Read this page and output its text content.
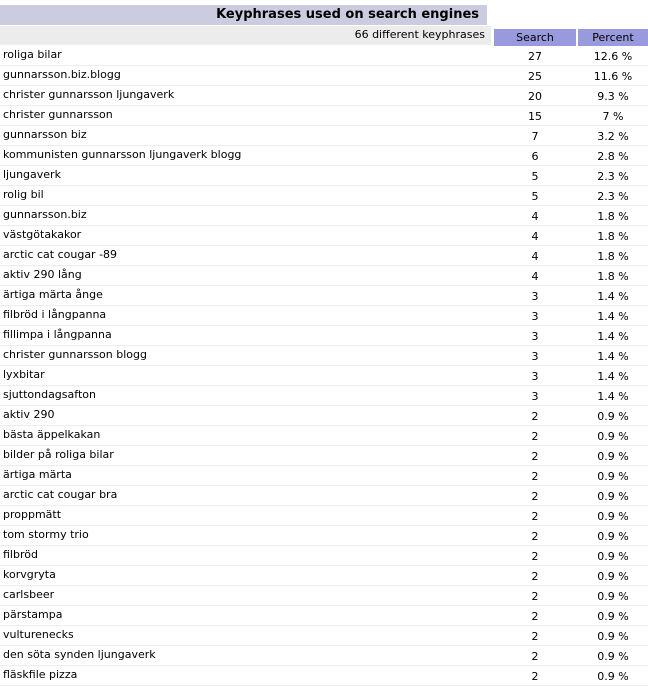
Keyphrases used on search engines
66 different keyphrases	Search	Percent
roliga bilar	27	12.6 %
gunnarsson.biz.blogg	25	11.6 %
christer gunnarsson ljungaverk	20	9.3 %
christer gunnarsson	15	7 %
gunnarsson biz	7	3.2 %
kommunisten gunnarsson ljungaverk blogg	6	2.8 %
ljungaverk	5	2.3 %
rolig bil	5	2.3 %
gunnarsson.biz	4	1.8 %
västgötakakor	4	1.8 %
arctic cat cougar -89	4	1.8 %
aktiv 290 lång	4	1.8 %
ärtiga märta ånge	3	1.4 %
filbröd i långpanna	3	1.4 %
fillimpa i långpanna	3	1.4 %
christer gunnarsson blogg	3	1.4 %
lyxbitar	3	1.4 %
sjuttondagsafton	3	1.4 %
aktiv 290	2	0.9 %
bästa äppelkakan	2	0.9 %
bilder på roliga bilar	2	0.9 %
ärtiga märta	2	0.9 %
arctic cat cougar bra	2	0.9 %
proppmätt	2	0.9 %
tom stormy trio	2	0.9 %
filbröd	2	0.9 %
korvgryta	2	0.9 %
carlsbeer	2	0.9 %
pärstampa	2	0.9 %
vulturenecks	2	0.9 %
den söta synden ljungaverk	2	0.9 %
fläskfile pizza	2	0.9 %
